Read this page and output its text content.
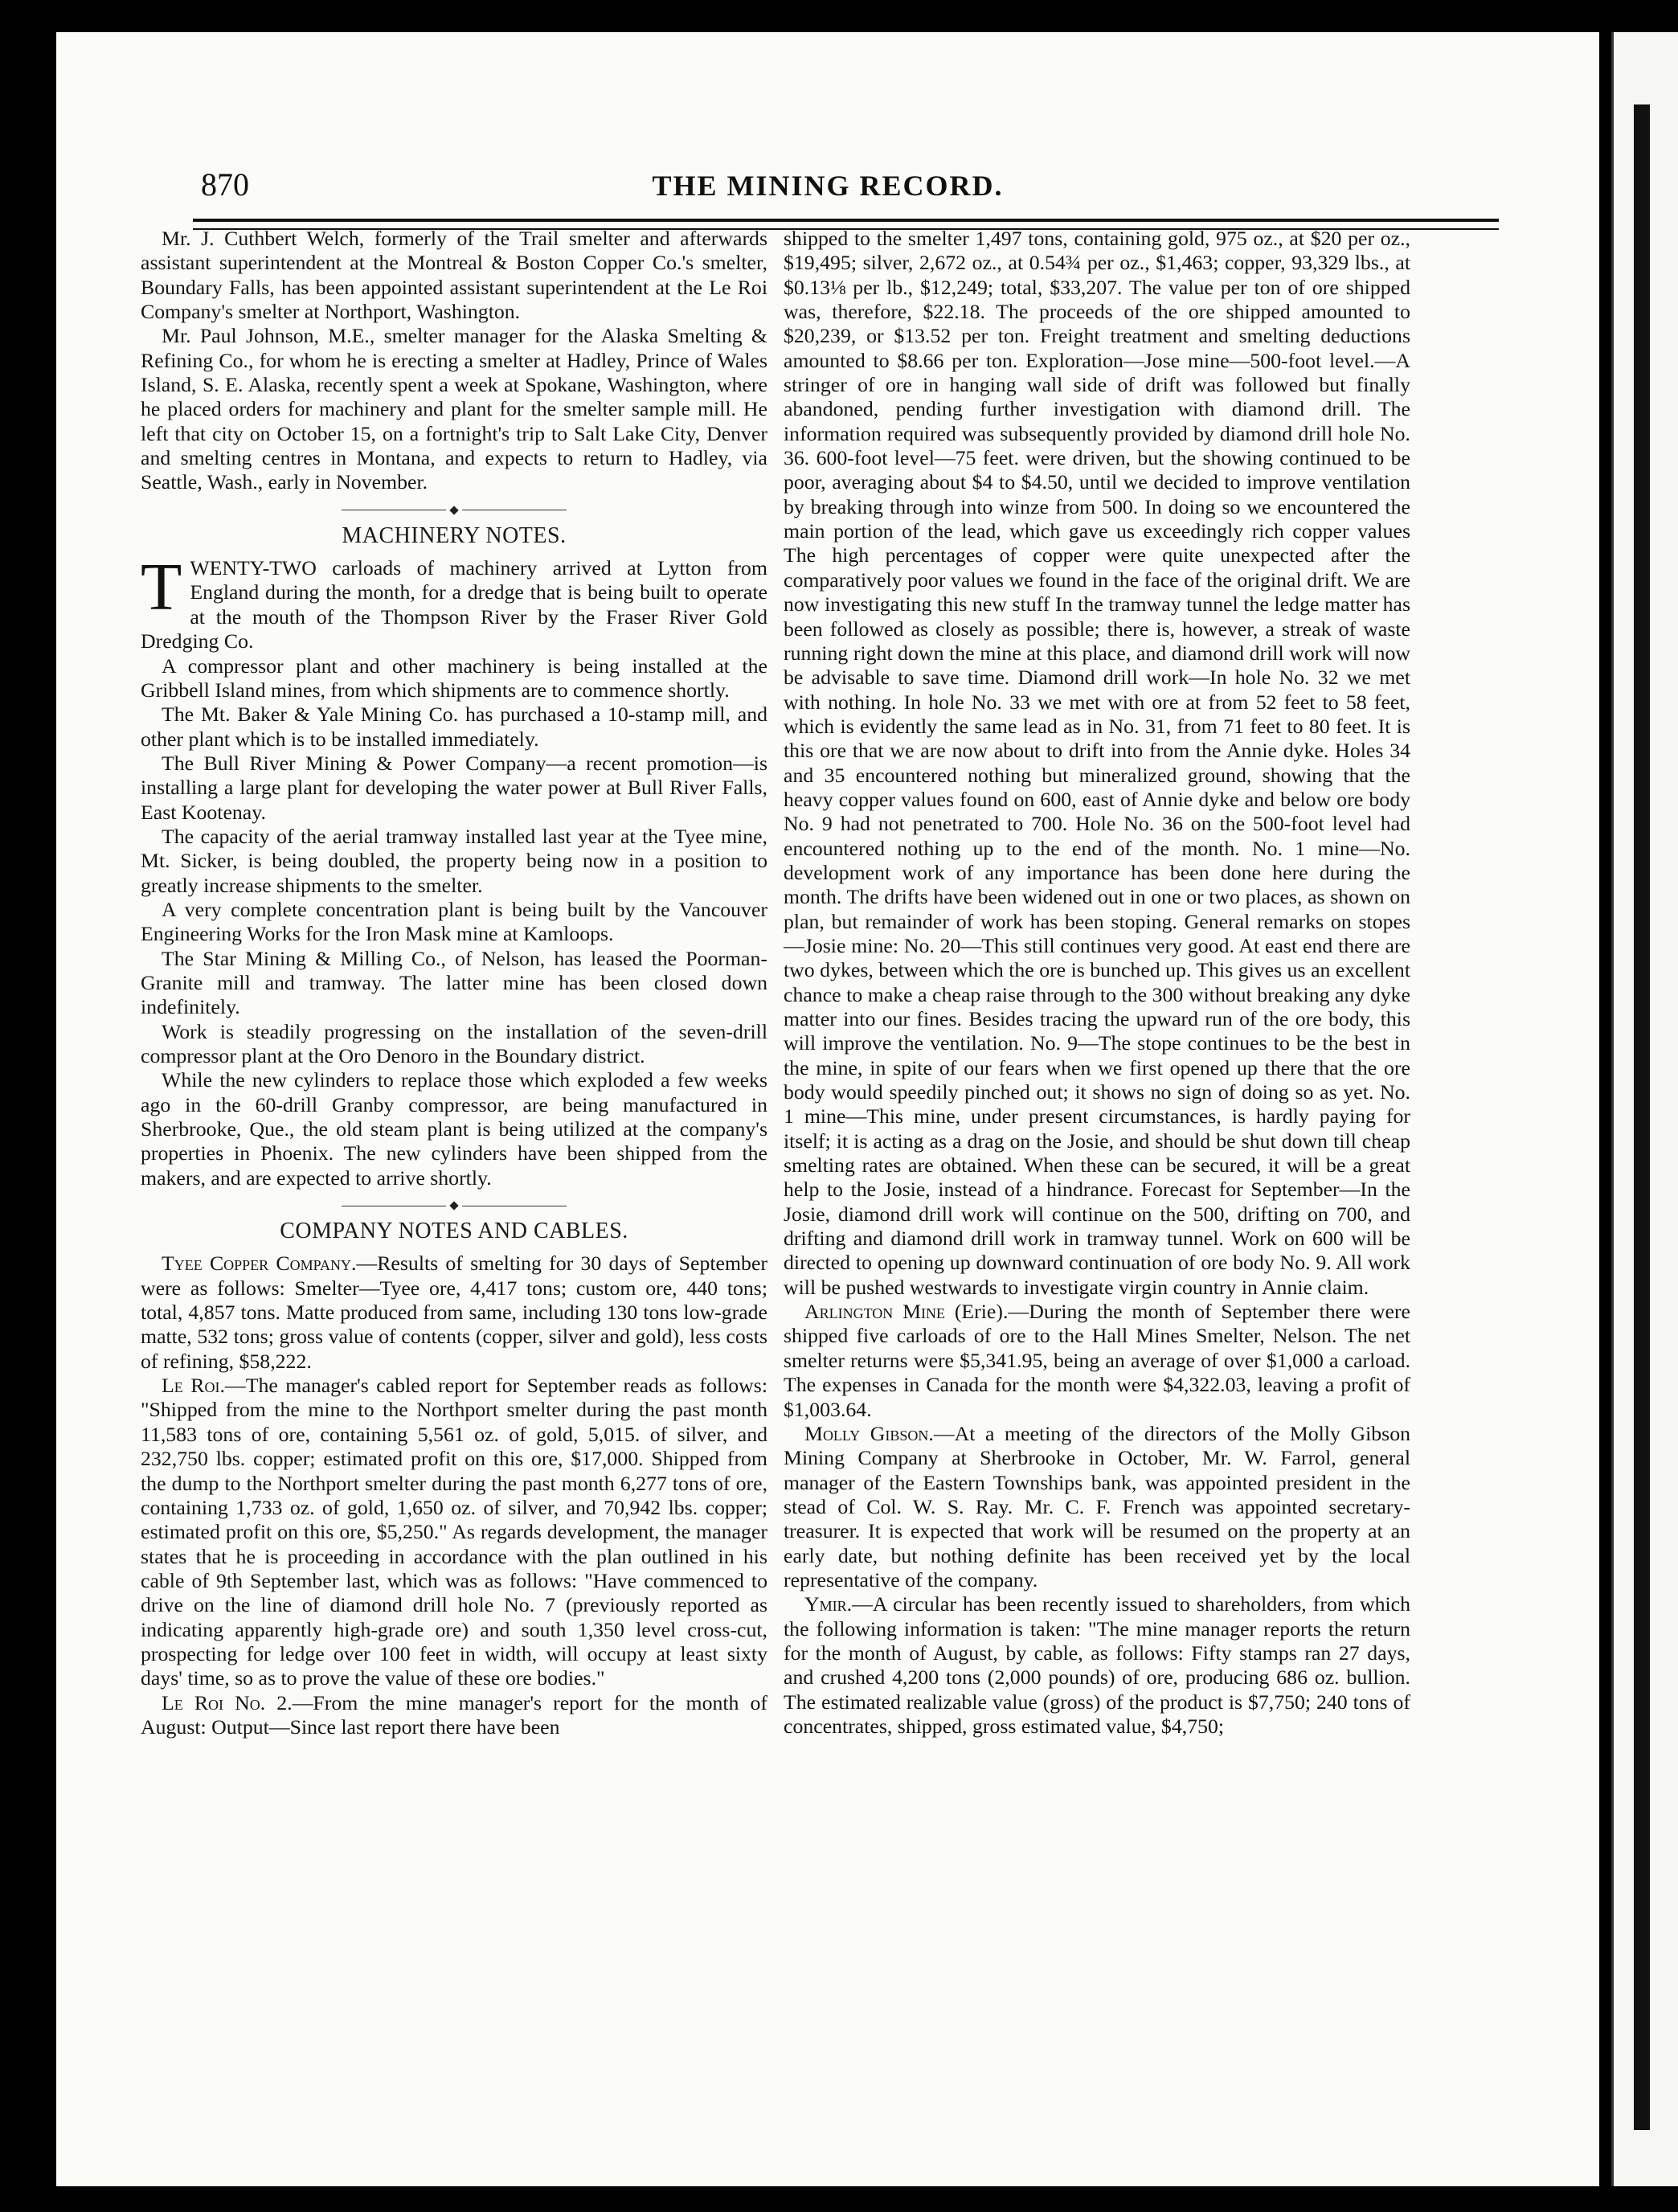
870	THE MINING RECORD.

Mr. J. Cuthbert Welch, formerly of the Trail smelter and afterwards assistant superintendent at the Montreal & Boston Copper Co.'s smelter, Boundary Falls, has been appointed assistant superintendent at the Le Roi Company's smelter at Northport, Washington.

Mr. Paul Johnson, M.E., smelter manager for the Alaska Smelting & Refining Co., for whom he is erecting a smelter at Hadley, Prince of Wales Island, S. E. Alaska, recently spent a week at Spokane, Washington, where he placed orders for machinery and plant for the smelter sample mill. He left that city on October 15, on a fortnight's trip to Salt Lake City, Denver and smelting centres in Montana, and expects to return to Hadley, via Seattle, Wash., early in November.

MACHINERY NOTES.

TWENTY-TWO carloads of machinery arrived at Lytton from England during the month, for a dredge that is being built to operate at the mouth of the Thompson River by the Fraser River Gold Dredging Co.

A compressor plant and other machinery is being installed at the Gribbell Island mines, from which shipments are to commence shortly.

The Mt. Baker & Yale Mining Co. has purchased a 10-stamp mill, and other plant which is to be installed immediately.

The Bull River Mining & Power Company—a recent promotion—is installing a large plant for developing the water power at Bull River Falls, East Kootenay.

The capacity of the aerial tramway installed last year at the Tyee mine, Mt. Sicker, is being doubled, the property being now in a position to greatly increase shipments to the smelter.

A very complete concentration plant is being built by the Vancouver Engineering Works for the Iron Mask mine at Kamloops.

The Star Mining & Milling Co., of Nelson, has leased the Poorman-Granite mill and tramway. The latter mine has been closed down indefinitely.

Work is steadily progressing on the installation of the seven-drill compressor plant at the Oro Denoro in the Boundary district.

While the new cylinders to replace those which exploded a few weeks ago in the 60-drill Granby compressor, are being manufactured in Sherbrooke, Que., the old steam plant is being utilized at the company's properties in Phoenix. The new cylinders have been shipped from the makers, and are expected to arrive shortly.

COMPANY NOTES AND CABLES.

Tyee Copper Company.—Results of smelting for 30 days of September were as follows: Smelter—Tyee ore, 4,417 tons; custom ore, 440 tons; total, 4,857 tons. Matte produced from same, including 130 tons low-grade matte, 532 tons; gross value of contents (copper, silver and gold), less costs of refining, $58,222.

Le Roi.—The manager's cabled report for September reads as follows: "Shipped from the mine to the Northport smelter during the past month 11,583 tons of ore, containing 5,561 oz. of gold, 5,015. of silver, and 232,750 lbs. copper; estimated profit on this ore, $17,000. Shipped from the dump to the Northport smelter during the past month 6,277 tons of ore, containing 1,733 oz. of gold, 1,650 oz. of silver, and 70,942 lbs. copper; estimated profit on this ore, $5,250." As regards development, the manager states that he is proceeding in accordance with the plan outlined in his cable of 9th September last, which was as follows: "Have commenced to drive on the line of diamond drill hole No. 7 (previously reported as indicating apparently high-grade ore) and south 1,350 level cross-cut, prospecting for ledge over 100 feet in width, will occupy at least sixty days' time, so as to prove the value of these ore bodies."

Le Roi No. 2.—From the mine manager's report for the month of August: Output—Since last report there have been

shipped to the smelter 1,497 tons, containing gold, 975 oz., at $20 per oz., $19,495; silver, 2,672 oz., at 0.54¾ per oz., $1,463; copper, 93,329 lbs., at $0.13⅛ per lb., $12,249; total, $33,207. The value per ton of ore shipped was, therefore, $22.18. The proceeds of the ore shipped amounted to $20,239, or $13.52 per ton. Freight treatment and smelting deductions amounted to $8.66 per ton. Exploration—Jose mine—500-foot level.—A stringer of ore in hanging wall side of drift was followed but finally abandoned, pending further investigation with diamond drill. The information required was subsequently provided by diamond drill hole No. 36. 600-foot level—75 feet. were driven, but the showing continued to be poor, averaging about $4 to $4.50, until we decided to improve ventilation by breaking through into winze from 500. In doing so we encountered the main portion of the lead, which gave us exceedingly rich copper values The high percentages of copper were quite unexpected after the comparatively poor values we found in the face of the original drift. We are now investigating this new stuff In the tramway tunnel the ledge matter has been followed as closely as possible; there is, however, a streak of waste running right down the mine at this place, and diamond drill work will now be advisable to save time. Diamond drill work—In hole No. 32 we met with nothing. In hole No. 33 we met with ore at from 52 feet to 58 feet, which is evidently the same lead as in No. 31, from 71 feet to 80 feet. It is this ore that we are now about to drift into from the Annie dyke. Holes 34 and 35 encountered nothing but mineralized ground, showing that the heavy copper values found on 600, east of Annie dyke and below ore body No. 9 had not penetrated to 700. Hole No. 36 on the 500-foot level had encountered nothing up to the end of the month. No. 1 mine—No. development work of any importance has been done here during the month. The drifts have been widened out in one or two places, as shown on plan, but remainder of work has been stoping. General remarks on stopes—Josie mine: No. 20—This still continues very good. At east end there are two dykes, between which the ore is bunched up. This gives us an excellent chance to make a cheap raise through to the 300 without breaking any dyke matter into our fines. Besides tracing the upward run of the ore body, this will improve the ventilation. No. 9—The stope continues to be the best in the mine, in spite of our fears when we first opened up there that the ore body would speedily pinched out; it shows no sign of doing so as yet. No. 1 mine—This mine, under present circumstances, is hardly paying for itself; it is acting as a drag on the Josie, and should be shut down till cheap smelting rates are obtained. When these can be secured, it will be a great help to the Josie, instead of a hindrance. Forecast for September—In the Josie, diamond drill work will continue on the 500, drifting on 700, and drifting and diamond drill work in tramway tunnel. Work on 600 will be directed to opening up downward continuation of ore body No. 9. All work will be pushed westwards to investigate virgin country in Annie claim.

Arlington Mine (Erie).—During the month of September there were shipped five carloads of ore to the Hall Mines Smelter, Nelson. The net smelter returns were $5,341.95, being an average of over $1,000 a carload. The expenses in Canada for the month were $4,322.03, leaving a profit of $1,003.64.

Molly Gibson.—At a meeting of the directors of the Molly Gibson Mining Company at Sherbrooke in October, Mr. W. Farrol, general manager of the Eastern Townships bank, was appointed president in the stead of Col. W. S. Ray. Mr. C. F. French was appointed secretary-treasurer. It is expected that work will be resumed on the property at an early date, but nothing definite has been received yet by the local representative of the company.

Ymir.—A circular has been recently issued to shareholders, from which the following information is taken: "The mine manager reports the return for the month of August, by cable, as follows: Fifty stamps ran 27 days, and crushed 4,200 tons (2,000 pounds) of ore, producing 686 oz. bullion. The estimated realizable value (gross) of the product is $7,750; 240 tons of concentrates, shipped, gross estimated value, $4,750;
